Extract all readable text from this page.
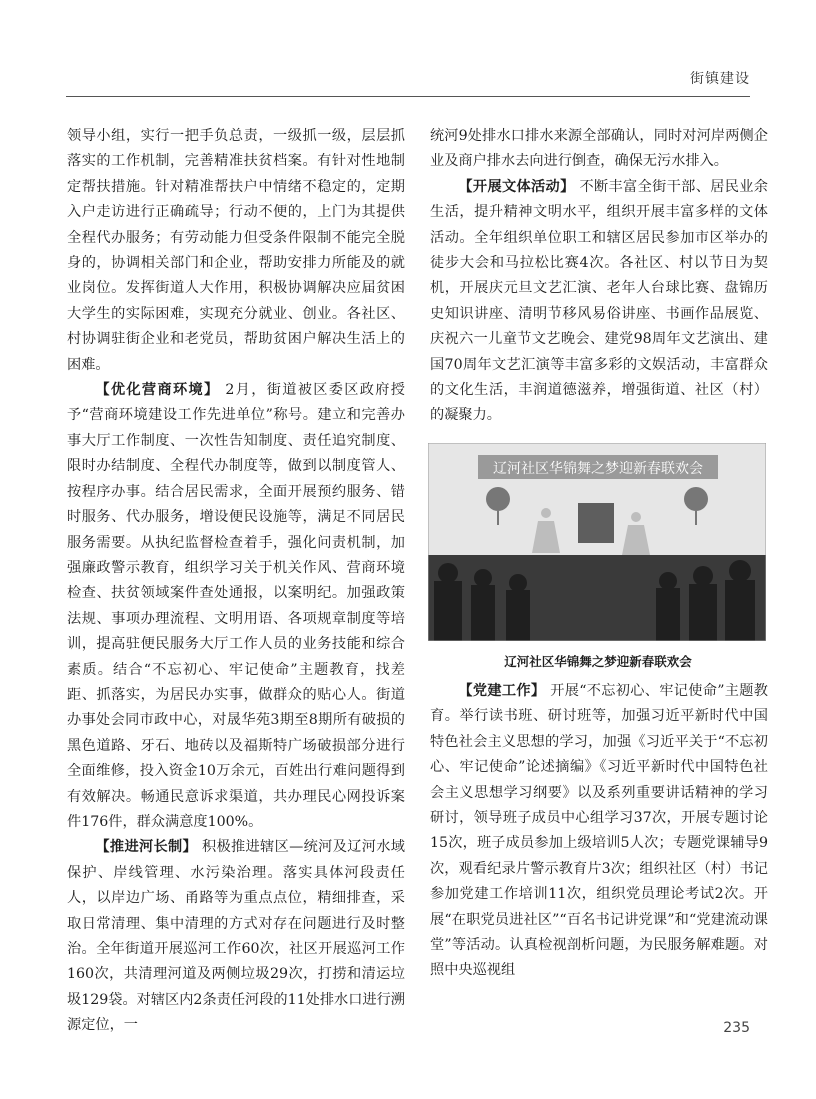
街镇建设

领导小组，实行一把手负总责，一级抓一级，层层抓落实的工作机制，完善精准扶贫档案。有针对性地制定帮扶措施。针对精准帮扶户中情绪不稳定的，定期入户走访进行正确疏导；行动不便的，上门为其提供全程代办服务；有劳动能力但受条件限制不能完全脱身的，协调相关部门和企业，帮助安排力所能及的就业岗位。发挥街道人大作用，积极协调解决应届贫困大学生的实际困难，实现充分就业、创业。各社区、村协调驻街企业和老党员，帮助贫困户解决生活上的困难。

【优化营商环境】 2月，街道被区委区政府授予“营商环境建设工作先进单位”称号。建立和完善办事大厅工作制度、一次性告知制度、责任追究制度、限时办结制度、全程代办制度等，做到以制度管人、按程序办事。结合居民需求，全面开展预约服务、错时服务、代办服务，增设便民设施等，满足不同居民服务需要。从执纪监督检查着手，强化问责机制，加强廉政警示教育，组织学习关于机关作风、营商环境检查、扶贫领域案件查处通报，以案明纪。加强政策法规、事项办理流程、文明用语、各项规章制度等培训，提高驻便民服务大厅工作人员的业务技能和综合素质。结合“不忘初心、牢记使命”主题教育，找差距、抓落实，为居民办实事，做群众的贴心人。街道办事处会同市政中心，对晟华苑3期至8期所有破损的黑色道路、牙石、地砖以及福斯特广场破损部分进行全面维修，投入资金10万余元，百姓出行难问题得到有效解决。畅通民意诉求渠道，共办理民心网投诉案件176件，群众满意度100%。

【推进河长制】 积极推进辖区—统河及辽河水域保护、岸线管理、水污染治理。落实具体河段责任人，以岸边广场、甬路等为重点点位，精细排查，采取日常清理、集中清理的方式对存在问题进行及时整治。全年街道开展巡河工作60次，社区开展巡河工作160次，共清理河道及两侧垃圾29次，打捞和清运垃圾129袋。对辖区内2条责任河段的11处排水口进行溯源定位，一

统河9处排水口排水来源全部确认，同时对河岸两侧企业及商户排水去向进行倒查，确保无污水排入。

【开展文体活动】 不断丰富全街干部、居民业余生活，提升精神文明水平，组织开展丰富多样的文体活动。全年组织单位职工和辖区居民参加市区举办的徒步大会和马拉松比赛4次。各社区、村以节日为契机，开展庆元旦文艺汇演、老年人台球比赛、盘锦历史知识讲座、清明节移风易俗讲座、书画作品展览、庆祝六一儿童节文艺晚会、建党98周年文艺演出、建国70周年文艺汇演等丰富多彩的文娱活动，丰富群众的文化生活，丰润道德滋养，增强街道、社区（村）的凝聚力。

辽河社区华锦舞之梦迎新春联欢会
辽河社区华锦舞之梦迎新春联欢会

【党建工作】 开展“不忘初心、牢记使命”主题教育。举行读书班、研讨班等，加强习近平新时代中国特色社会主义思想的学习，加强《习近平关于“不忘初心、牢记使命”论述摘编》《习近平新时代中国特色社会主义思想学习纲要》以及系列重要讲话精神的学习研讨，领导班子成员中心组学习37次，开展专题讨论15次，班子成员参加上级培训5人次；专题党课辅导9次，观看纪录片警示教育片3次；组织社区（村）书记参加党建工作培训11次，组织党员理论考试2次。开展“在职党员进社区”“百名书记讲党课”和“党建流动课堂”等活动。认真检视剖析问题，为民服务解难题。对照中央巡视组

235
